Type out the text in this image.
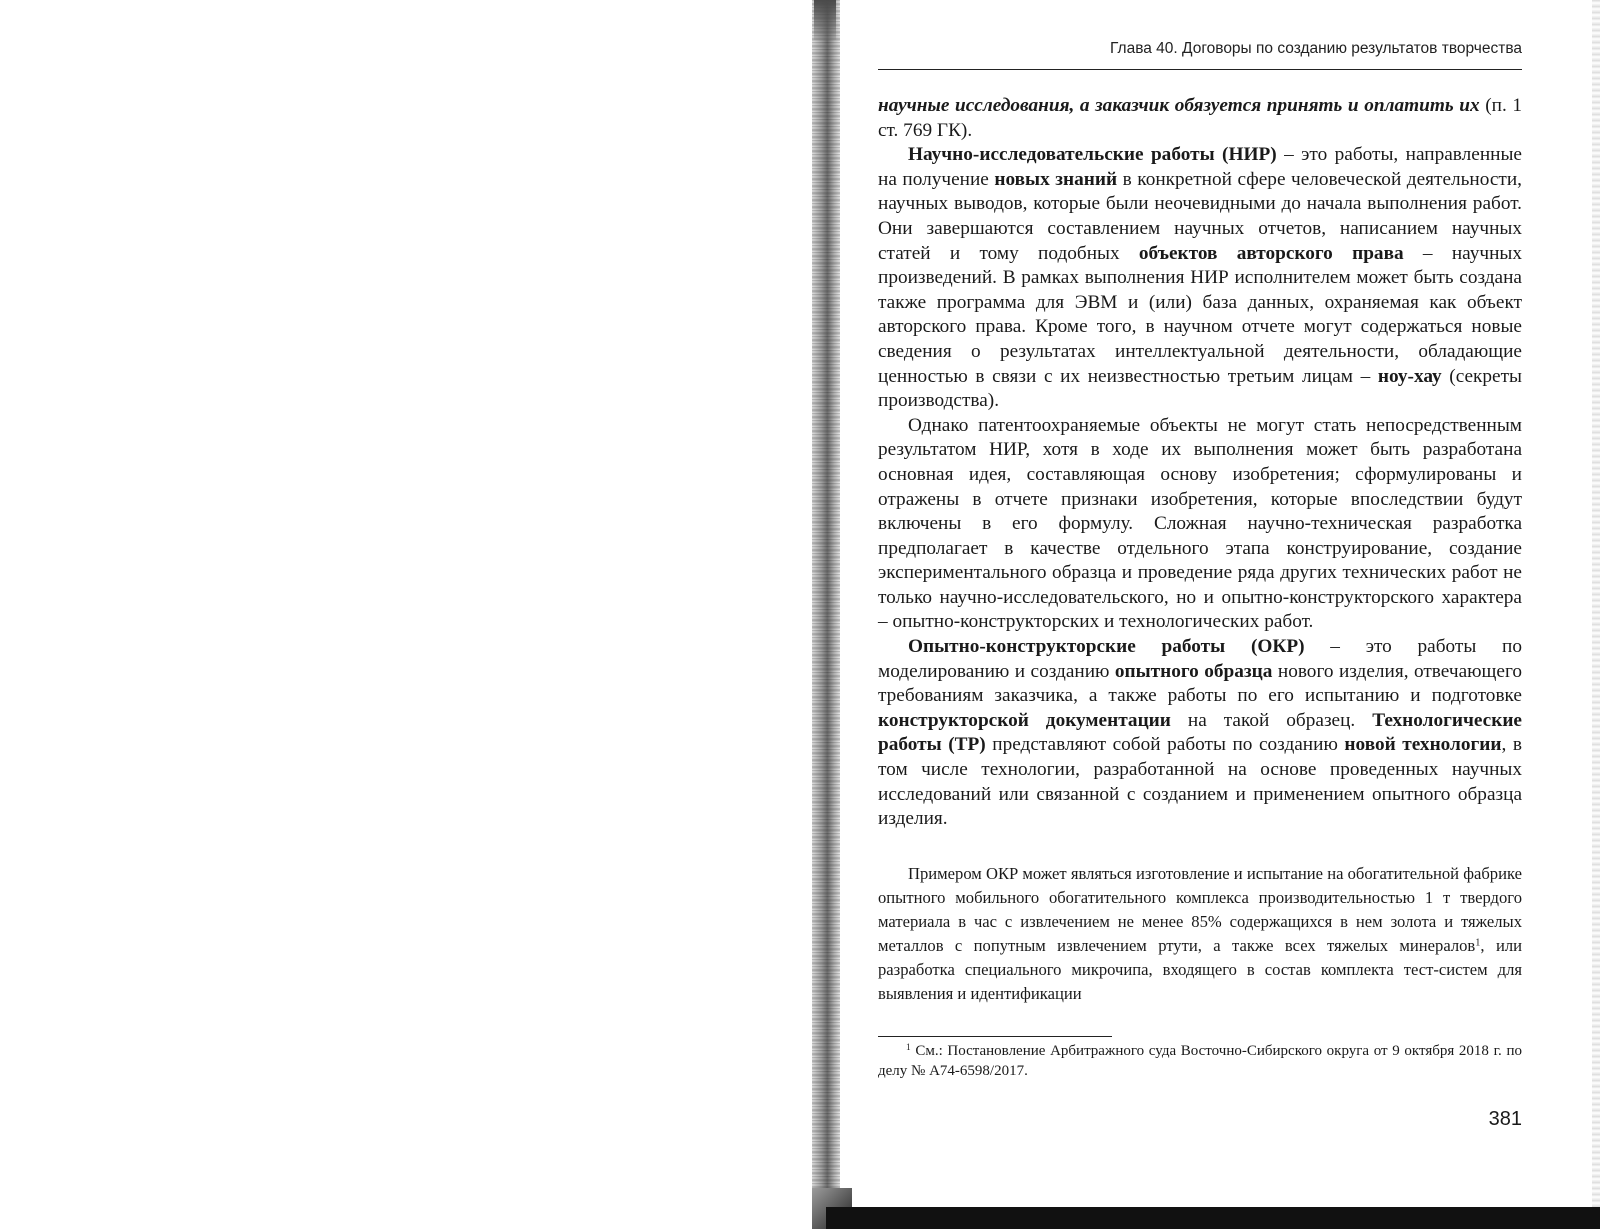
Глава 40. Договоры по созданию результатов творчества

научные исследования, а заказчик обязуется принять и оплатить их (п. 1 ст. 769 ГК).

Научно-исследовательские работы (НИР) – это работы, направленные на получение новых знаний в конкретной сфере человеческой деятельности, научных выводов, которые были неочевидными до начала выполнения работ. Они завершаются составлением научных отчетов, написанием научных статей и тому подобных объектов авторского права – научных произведений. В рамках выполнения НИР исполнителем может быть создана также программа для ЭВМ и (или) база данных, охраняемая как объект авторского права. Кроме того, в научном отчете могут содержаться новые сведения о результатах интеллектуальной деятельности, обладающие ценностью в связи с их неизвестностью третьим лицам – ноу-хау (секреты производства).

Однако патентоохраняемые объекты не могут стать непосредственным результатом НИР, хотя в ходе их выполнения может быть разработана основная идея, составляющая основу изобретения; сформулированы и отражены в отчете признаки изобретения, которые впоследствии будут включены в его формулу. Сложная научно-техническая разработка предполагает в качестве отдельного этапа конструирование, создание экспериментального образца и проведение ряда других технических работ не только научно-исследовательского, но и опытно-конструкторского характера – опытно-конструкторских и технологических работ.

Опытно-конструкторские работы (ОКР) – это работы по моделированию и созданию опытного образца нового изделия, отвечающего требованиям заказчика, а также работы по его испытанию и подготовке конструкторской документации на такой образец. Технологические работы (ТР) представляют собой работы по созданию новой технологии, в том числе технологии, разработанной на основе проведенных научных исследований или связанной с созданием и применением опытного образца изделия.

Примером ОКР может являться изготовление и испытание на обогатительной фабрике опытного мобильного обогатительного комплекса производительностью 1 т твердого материала в час с извлечением не менее 85% содержащихся в нем золота и тяжелых металлов с попутным извлечением ртути, а также всех тяжелых минералов$^1$, или разработка специального микрочипа, входящего в состав комплекта тест-систем для выявления и идентификации

$^1$ См.: Постановление Арбитражного суда Восточно-Сибирского округа от 9 октября 2018 г. по делу № А74-6598/2017.

381
